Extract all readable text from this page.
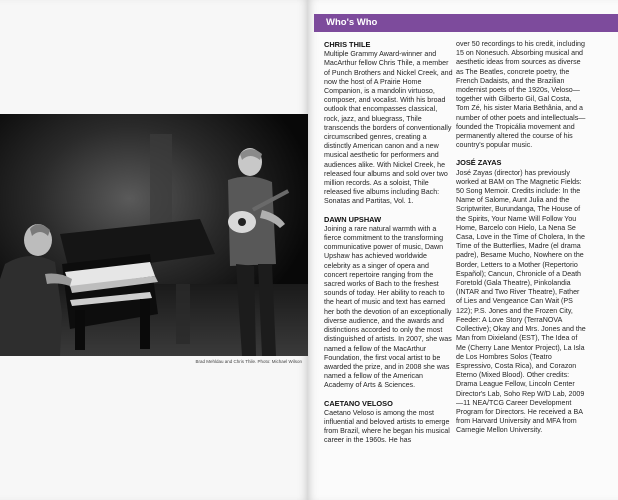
Brad Mehldau and Chris Thile. Photo: Michael Wilson
Who's Who

CHRIS THILE

Multiple Grammy Award-winner and MacArthur fellow Chris Thile, a member of Punch Brothers and Nickel Creek, and now the host of A Prairie Home Companion, is a mandolin virtuoso, composer, and vocalist. With his broad outlook that encompasses classical, rock, jazz, and bluegrass, Thile transcends the borders of conventionally circumscribed genres, creating a distinctly American canon and a new musical aesthetic for performers and audiences alike. With Nickel Creek, he released four albums and sold over two million records. As a soloist, Thile released five albums including Bach: Sonatas and Partitas, Vol. 1.

DAWN UPSHAW

Joining a rare natural warmth with a fierce commitment to the transforming communicative power of music, Dawn Upshaw has achieved worldwide celebrity as a singer of opera and concert repertoire ranging from the sacred works of Bach to the freshest sounds of today. Her ability to reach to the heart of music and text has earned her both the devotion of an exceptionally diverse audience, and the awards and distinctions accorded to only the most distinguished of artists. In 2007, she was named a fellow of the MacArthur Foundation, the first vocal artist to be awarded the prize, and in 2008 she was named a fellow of the American Academy of Arts & Sciences.

CAETANO VELOSO

Caetano Veloso is among the most influential and beloved artists to emerge from Brazil, where he began his musical career in the 1960s. He has

over 50 recordings to his credit, including 15 on Nonesuch. Absorbing musical and aesthetic ideas from sources as diverse as The Beatles, concrete poetry, the French Dadaists, and the Brazilian modernist poets of the 1920s, Veloso—together with Gilberto Gil, Gal Costa, Tom Zé, his sister Maria Bethânia, and a number of other poets and intellectuals—founded the Tropicália movement and permanently altered the course of his country's popular music.

JOSÉ ZAYAS

José Zayas (director) has previously worked at BAM on The Magnetic Fields: 50 Song Memoir. Credits include: In the Name of Salome, Aunt Julia and the Scriptwriter, Burundanga, The House of the Spirits, Your Name Will Follow You Home, Barcelo con Hielo, La Nena Se Casa, Love in the Time of Cholera, In the Time of the Butterflies, Madre (el drama padre), Besame Mucho, Nowhere on the Border, Letters to a Mother (Repertorio Español); Cancun, Chronicle of a Death Foretold (Gala Theatre), Pinkolandia (INTAR and Two River Theatre), Father of Lies and Vengeance Can Wait (PS 122); P.S. Jones and the Frozen City, Feeder: A Love Story (TerraNOVA Collective); Okay and Mrs. Jones and the Man from Dixieland (EST), The Idea of Me (Cherry Lane Mentor Project), La Isla de Los Hombres Solos (Teatro Espressivo, Costa Rica), and Corazon Eterno (Mixed Blood). Other credits: Drama League Fellow, Lincoln Center Director's Lab, Soho Rep W/D Lab, 2009—11 NEA/TCG Career Development Program for Directors. He received a BA from Harvard University and MFA from Carnegie Mellon University.
